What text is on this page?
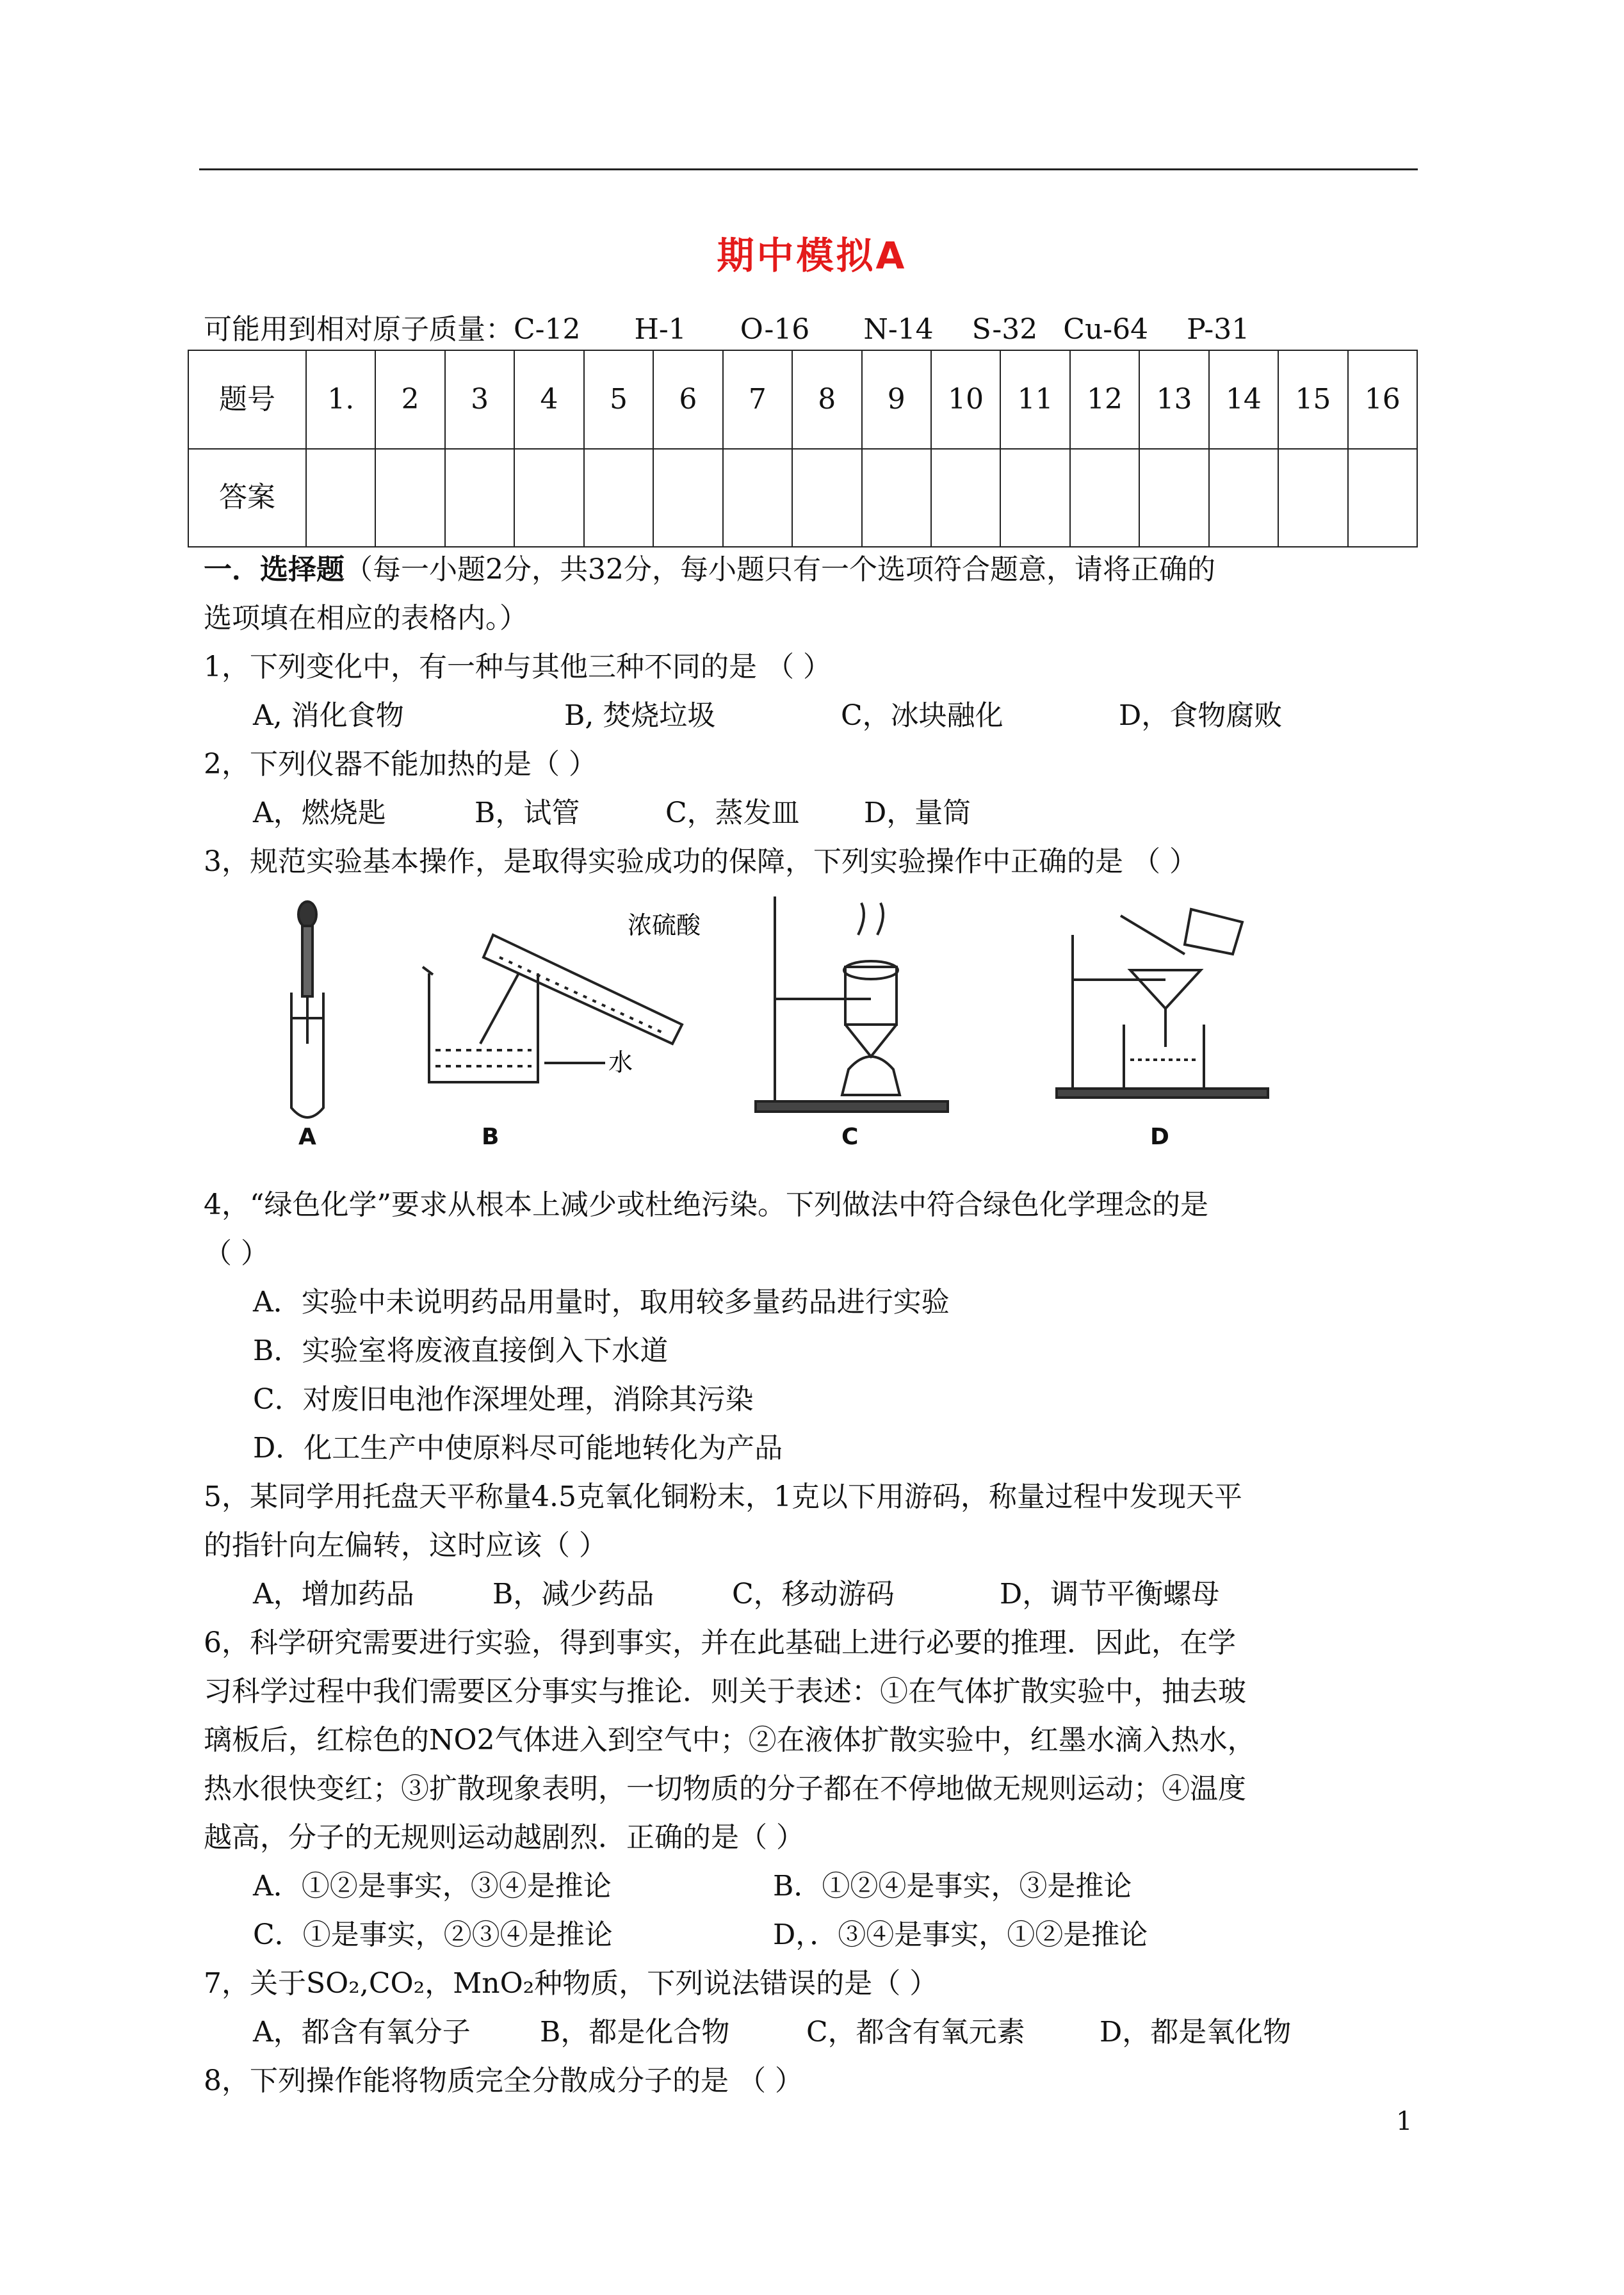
期中模拟A
可能用到相对原子质量：C-12 H-1 O-16 N-14 S-32 Cu-64 P-31
题号	1.	2	3	4	5	6	7	8	9	10	11	12	13	14	15	16
答案																
一．选择题（每一小题2分，共32分，每小题只有一个选项符合题意，请将正确的
选项填在相应的表格内。）
1，下列变化中，有一种与其他三种不同的是 （ ）
A, 消化食物	B, 焚烧垃圾	C，冰块融化	D，食物腐败
2，下列仪器不能加热的是（ ）
A，燃烧匙	B，试管	C，蒸发皿 D，量筒
3，规范实验基本操作，是取得实验成功的保障，下列实验操作中正确的是 （ ）
浓硫酸
水
A	B	C	D
4，“绿色化学”要求从根本上减少或杜绝污染。下列做法中符合绿色化学理念的是
（ ）
A．实验中未说明药品用量时，取用较多量药品进行实验
B．实验室将废液直接倒入下水道
C．对废旧电池作深埋处理，消除其污染
D．化工生产中使原料尽可能地转化为产品
5，某同学用托盘天平称量4.5克氧化铜粉末，1克以下用游码，称量过程中发现天平
的指针向左偏转，这时应该（ ）
A，增加药品	B，减少药品	C，移动游码	D，调节平衡螺母
6，科学研究需要进行实验，得到事实，并在此基础上进行必要的推理．因此，在学
习科学过程中我们需要区分事实与推论．则关于表述：①在气体扩散实验中，抽去玻
璃板后，红棕色的NO2气体进入到空气中；②在液体扩散实验中，红墨水滴入热水，
热水很快变红；③扩散现象表明，一切物质的分子都在不停地做无规则运动；④温度
越高，分子的无规则运动越剧烈．正确的是（ ）
A．①②是事实，③④是推论	B．①②④是事实，③是推论
C．①是事实，②③④是推论	D，．③④是事实，①②是推论
7，关于SO₂,CO₂，MnO₂种物质，下列说法错误的是（ ）
A，都含有氧分子 B，都是化合物	C，都含有氧元素	D，都是氧化物
8，下列操作能将物质完全分散成分子的是 （ ）
1
